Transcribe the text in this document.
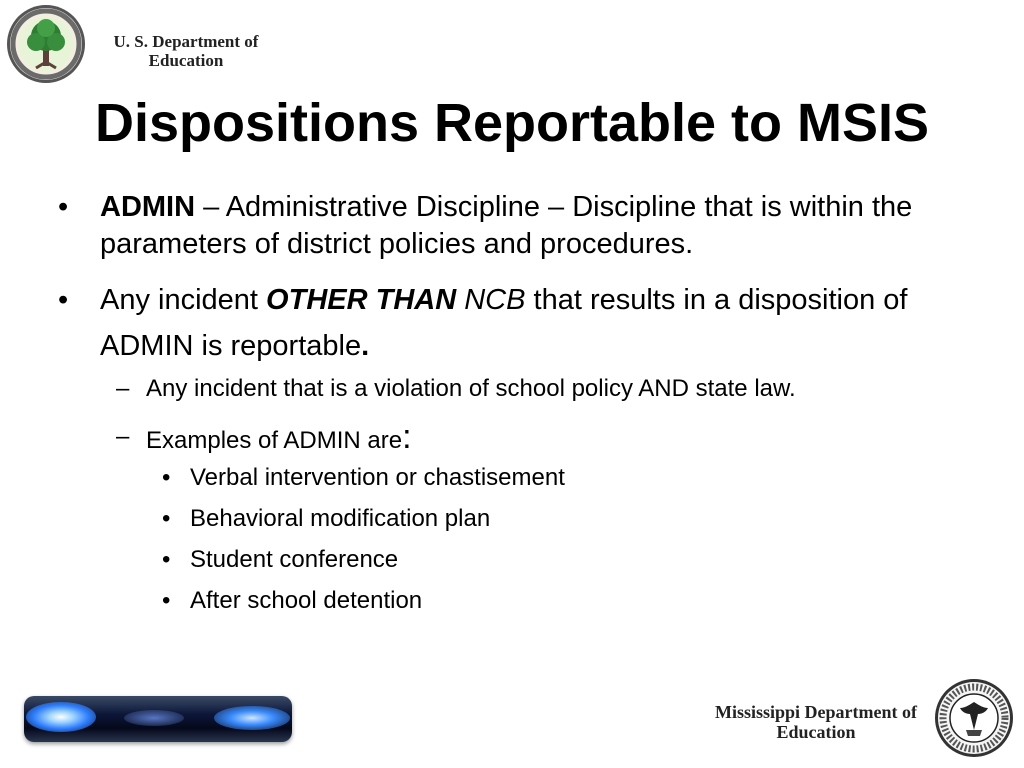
U. S. Department of
Education
Dispositions Reportable to MSIS

• ADMIN – Administrative Discipline – Discipline that is within the parameters of district policies and procedures.

• Any incident OTHER THAN NCB that results in a disposition of ADMIN is reportable.

– Any incident that is a violation of school policy AND state law.

– Examples of ADMIN are:

• Verbal intervention or chastisement

• Behavioral modification plan

• Student conference

• After school detention

Mississippi Department of
Education
